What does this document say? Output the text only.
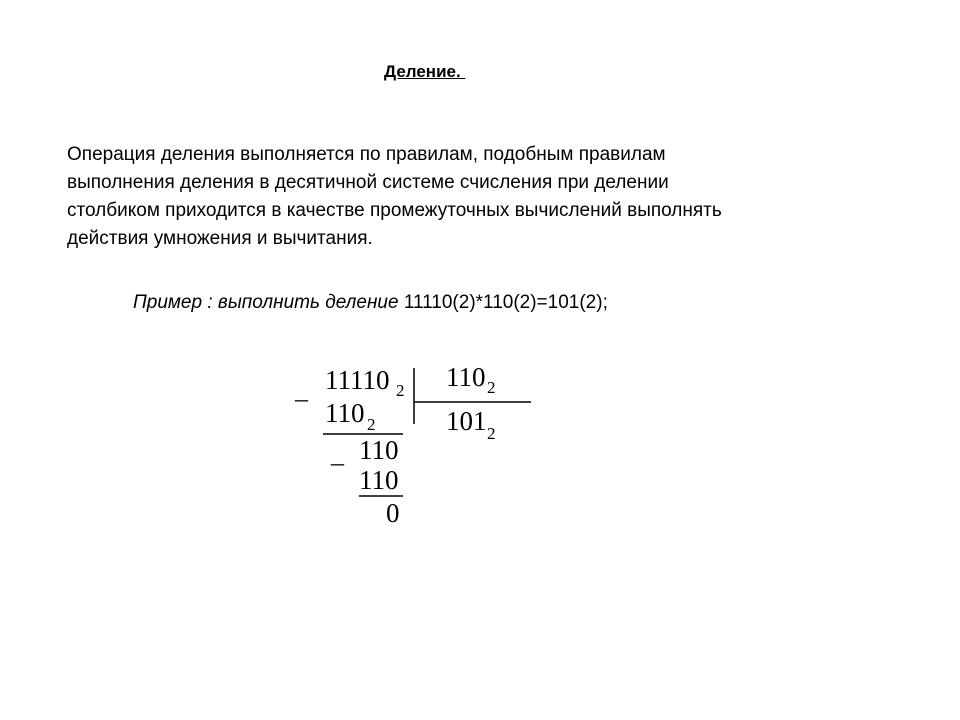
Деление.
Операция деления выполняется по правилам, подобным правилам
выполнения деления в десятичной системе счисления при делении
столбиком приходится в качестве промежуточных вычислений выполнять
действия умножения и вычитания.
Пример : выполнить деление 11110(2)*110(2)=101(2);
_
_
11110 2 110 2
101 2
110 2
110
110
0
